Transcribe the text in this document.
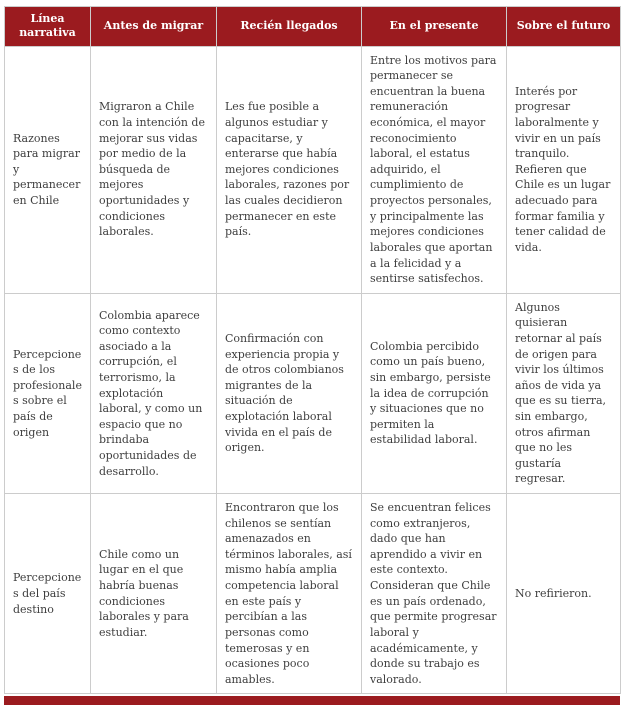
Línea narrativa	Antes de migrar	Recién llegados	En el presente	Sobre el futuro
Razones para migrar y permanecer en Chile	Migraron a Chile con la intención de mejorar sus vidas por medio de la búsqueda de mejores oportunidades y condiciones laborales.	Les fue posible a algunos estudiar y capacitarse, y enterarse que había mejores condiciones laborales, razones por las cuales decidieron permanecer en este país.	Entre los motivos para permanecer se encuentran la buena remuneración económica, el mayor reconocimiento laboral, el estatus adquirido, el cumplimiento de proyectos personales, y principalmente las mejores condiciones laborales que aportan a la felicidad y a sentirse satisfechos.	Interés por progresar laboralmente y vivir en un país tranquilo. Refieren que Chile es un lugar adecuado para formar familia y tener calidad de vida.
Percepciones de los profesionales sobre el país de origen	Colombia aparece como contexto asociado a la corrupción, el terrorismo, la explotación laboral, y como un espacio que no brindaba oportunidades de desarrollo.	Confirmación con experiencia propia y de otros colombianos migrantes de la situación de explotación laboral vivida en el país de origen.	Colombia percibido como un país bueno, sin embargo, persiste la idea de corrupción y situaciones que no permiten la estabilidad laboral.	Algunos quisieran retornar al país de origen para vivir los últimos años de vida ya que es su tierra, sin embargo, otros afirman que no les gustaría regresar.
Percepciones del país destino	Chile como un lugar en el que habría buenas condiciones laborales y para estudiar.	Encontraron que los chilenos se sentían amenazados en términos laborales, así mismo había amplia competencia laboral en este país y percibían a las personas como temerosas y en ocasiones poco amables.	Se encuentran felices como extranjeros, dado que han aprendido a vivir en este contexto. Consideran que Chile es un país ordenado, que permite progresar laboral y académicamente, y donde su trabajo es valorado.	No refirieron.
